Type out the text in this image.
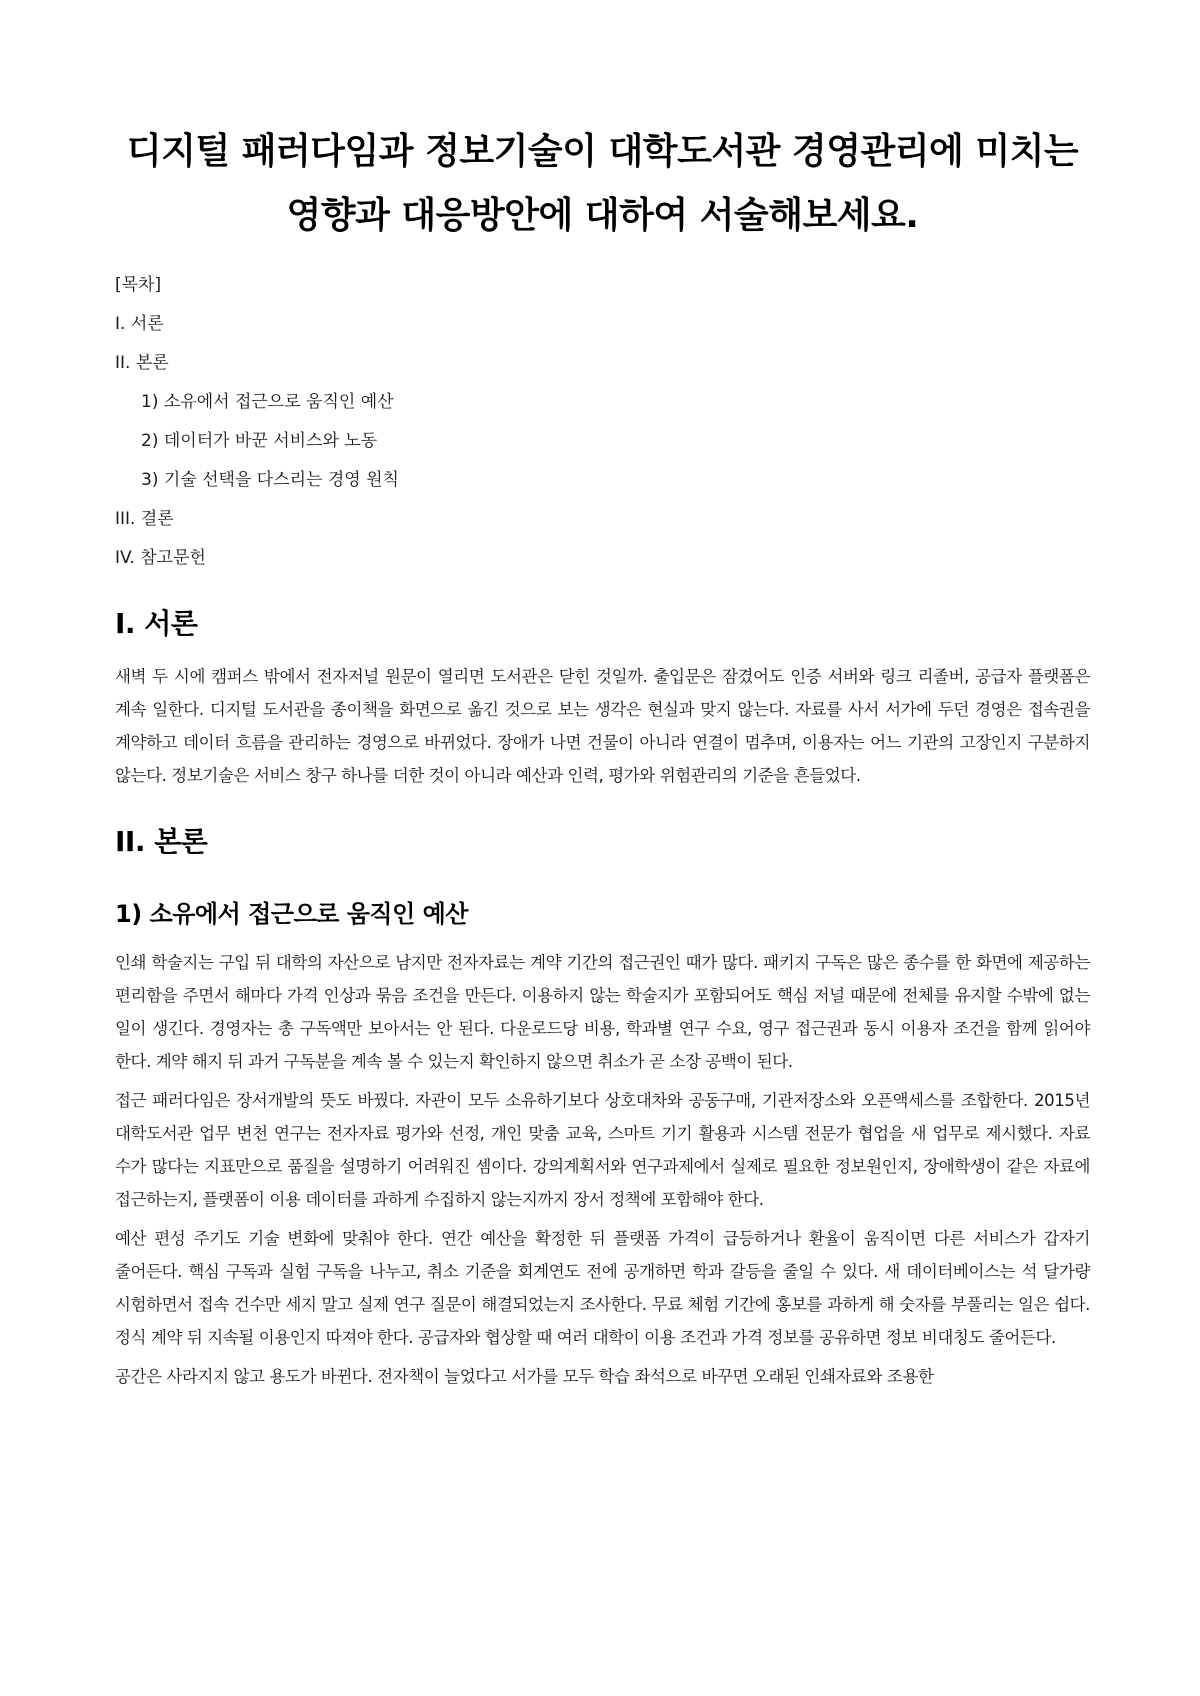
디지털 패러다임과 정보기술이 대학도서관 경영관리에 미치는 영향과 대응방안에 대하여 서술해보세요.

[목차]

I. 서론

II. 본론

1) 소유에서 접근으로 움직인 예산

2) 데이터가 바꾼 서비스와 노동

3) 기술 선택을 다스리는 경영 원칙

III. 결론

IV. 참고문헌

I. 서론

새벽 두 시에 캠퍼스 밖에서 전자저널 원문이 열리면 도서관은 닫힌 것일까. 출입문은 잠겼어도 인증 서버와 링크 리졸버, 공급자 플랫폼은 계속 일한다. 디지털 도서관을 종이책을 화면으로 옮긴 것으로 보는 생각은 현실과 맞지 않는다. 자료를 사서 서가에 두던 경영은 접속권을 계약하고 데이터 흐름을 관리하는 경영으로 바뀌었다. 장애가 나면 건물이 아니라 연결이 멈추며, 이용자는 어느 기관의 고장인지 구분하지 않는다. 정보기술은 서비스 창구 하나를 더한 것이 아니라 예산과 인력, 평가와 위험관리의 기준을 흔들었다.

II. 본론
1) 소유에서 접근으로 움직인 예산

인쇄 학술지는 구입 뒤 대학의 자산으로 남지만 전자자료는 계약 기간의 접근권인 때가 많다. 패키지 구독은 많은 종수를 한 화면에 제공하는 편리함을 주면서 해마다 가격 인상과 묶음 조건을 만든다. 이용하지 않는 학술지가 포함되어도 핵심 저널 때문에 전체를 유지할 수밖에 없는 일이 생긴다. 경영자는 총 구독액만 보아서는 안 된다. 다운로드당 비용, 학과별 연구 수요, 영구 접근권과 동시 이용자 조건을 함께 읽어야 한다. 계약 해지 뒤 과거 구독분을 계속 볼 수 있는지 확인하지 않으면 취소가 곧 소장 공백이 된다.

접근 패러다임은 장서개발의 뜻도 바꿨다. 자관이 모두 소유하기보다 상호대차와 공동구매, 기관저장소와 오픈액세스를 조합한다. 2015년 대학도서관 업무 변천 연구는 전자자료 평가와 선정, 개인 맞춤 교육, 스마트 기기 활용과 시스템 전문가 협업을 새 업무로 제시했다. 자료 수가 많다는 지표만으로 품질을 설명하기 어려워진 셈이다. 강의계획서와 연구과제에서 실제로 필요한 정보원인지, 장애학생이 같은 자료에 접근하는지, 플랫폼이 이용 데이터를 과하게 수집하지 않는지까지 장서 정책에 포함해야 한다.

예산 편성 주기도 기술 변화에 맞춰야 한다. 연간 예산을 확정한 뒤 플랫폼 가격이 급등하거나 환율이 움직이면 다른 서비스가 갑자기 줄어든다. 핵심 구독과 실험 구독을 나누고, 취소 기준을 회계연도 전에 공개하면 학과 갈등을 줄일 수 있다. 새 데이터베이스는 석 달가량 시험하면서 접속 건수만 세지 말고 실제 연구 질문이 해결되었는지 조사한다. 무료 체험 기간에 홍보를 과하게 해 숫자를 부풀리는 일은 쉽다. 정식 계약 뒤 지속될 이용인지 따져야 한다. 공급자와 협상할 때 여러 대학이 이용 조건과 가격 정보를 공유하면 정보 비대칭도 줄어든다.

공간은 사라지지 않고 용도가 바뀐다. 전자책이 늘었다고 서가를 모두 학습 좌석으로 바꾸면 오래된 인쇄자료와 조용한
